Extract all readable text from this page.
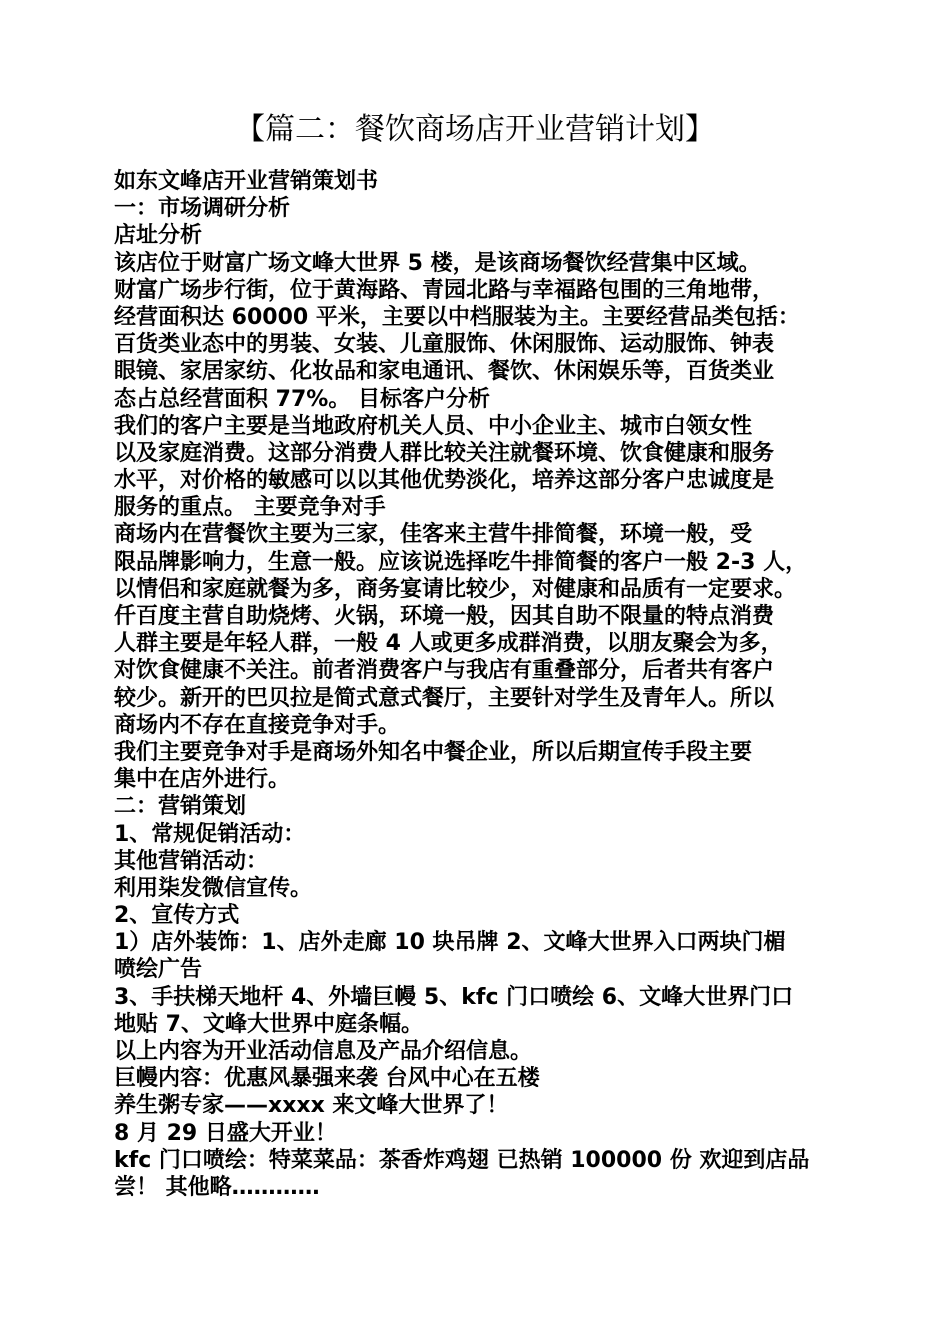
【篇二：餐饮商场店开业营销计划】
如东文峰店开业营销策划书
一：市场调研分析
店址分析
该店位于财富广场文峰大世界 5 楼，是该商场餐饮经营集中区域。
财富广场步行街，位于黄海路、青园北路与幸福路包围的三角地带，
经营面积达 60000 平米，主要以中档服装为主。主要经营品类包括：
百货类业态中的男装、女装、儿童服饰、休闲服饰、运动服饰、钟表
眼镜、家居家纺、化妆品和家电通讯、餐饮、休闲娱乐等，百货类业
态占总经营面积 77%。 目标客户分析
我们的客户主要是当地政府机关人员、中小企业主、城市白领女性
以及家庭消费。这部分消费人群比较关注就餐环境、饮食健康和服务
水平，对价格的敏感可以以其他优势淡化，培养这部分客户忠诚度是
服务的重点。 主要竞争对手
商场内在营餐饮主要为三家，佳客来主营牛排简餐，环境一般，受
限品牌影响力，生意一般。应该说选择吃牛排简餐的客户一般 2-3 人，
以情侣和家庭就餐为多，商务宴请比较少，对健康和品质有一定要求。
仟百度主营自助烧烤、火锅，环境一般，因其自助不限量的特点消费
人群主要是年轻人群，一般 4 人或更多成群消费，以朋友聚会为多，
对饮食健康不关注。前者消费客户与我店有重叠部分，后者共有客户
较少。新开的巴贝拉是简式意式餐厅，主要针对学生及青年人。所以
商场内不存在直接竞争对手。
我们主要竞争对手是商场外知名中餐企业，所以后期宣传手段主要
集中在店外进行。
二：营销策划
1、常规促销活动：
其他营销活动：
利用柒发微信宣传。
2、宣传方式
1）店外装饰：1、店外走廊 10 块吊牌 2、文峰大世界入口两块门楣
喷绘广告
3、手扶梯天地杆 4、外墙巨幔 5、kfc 门口喷绘 6、文峰大世界门口
地贴 7、文峰大世界中庭条幅。
以上内容为开业活动信息及产品介绍信息。
巨幔内容：优惠风暴强来袭 台风中心在五楼
养生粥专家——xxxx 来文峰大世界了！
8 月 29 日盛大开业！
kfc 门口喷绘：特菜菜品：茶香炸鸡翅 已热销 100000 份 欢迎到店品
尝！ 其他略…………
